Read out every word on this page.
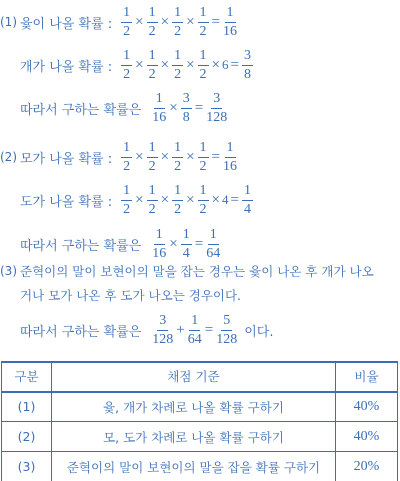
(1) 윷이 나올 확률 : $\frac{1}{2} \times \frac{1}{2} \times \frac{1}{2} \times \frac{1}{2} = \frac{1}{16}$
개가 나올 확률 : $\frac{1}{2} \times \frac{1}{2} \times \frac{1}{2} \times \frac{1}{2} \times 6 = \frac{3}{8}$
따라서 구하는 확률은 $\frac{1}{16} \times \frac{3}{8} = \frac{3}{128}$
(2) 모가 나올 확률 : $\frac{1}{2} \times \frac{1}{2} \times \frac{1}{2} \times \frac{1}{2} = \frac{1}{16}$
도가 나올 확률 : $\frac{1}{2} \times \frac{1}{2} \times \frac{1}{2} \times \frac{1}{2} \times 4 = \frac{1}{4}$
따라서 구하는 확률은 $\frac{1}{16} \times \frac{1}{4} = \frac{1}{64}$
(3) 준혁이의 말이 보현이의 말을 잡는 경우는 윷이 나온 후 개가 나오
거나 모가 나온 후 도가 나오는 경우이다.
따라서 구하는 확률은 $\frac{3}{128} + \frac{1}{64} = \frac{5}{128}$ 이다.
구분	채점 기준	비율
(1)	윷, 개가 차례로 나올 확률 구하기	40%
(2)	모, 도가 차례로 나올 확률 구하기	40%
(3)	준혁이의 말이 보현이의 말을 잡을 확률 구하기	20%
